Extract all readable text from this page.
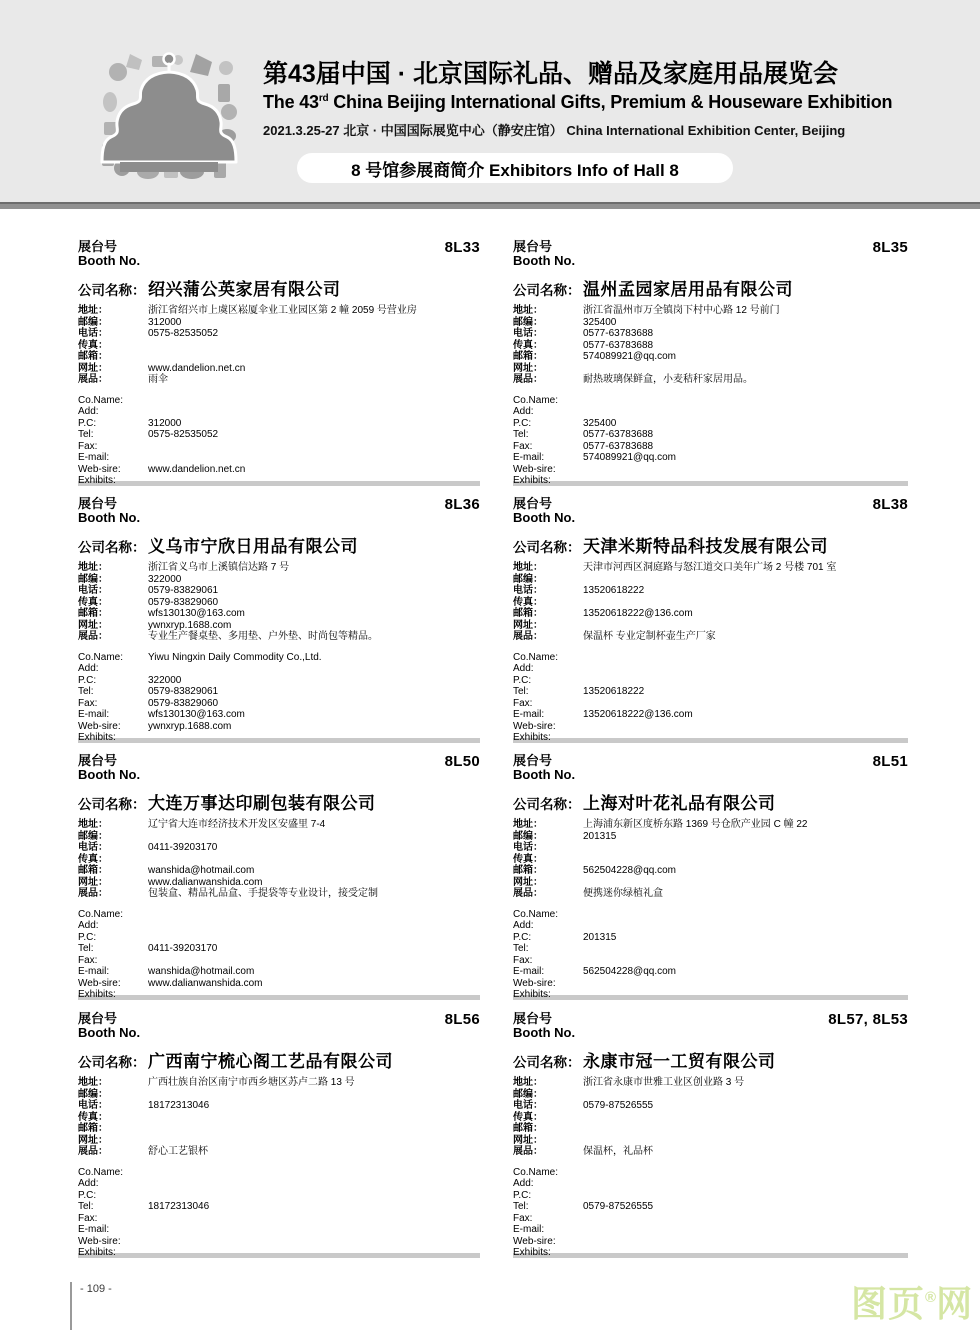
第43届中国 · 北京国际礼品、赠品及家庭用品展览会
The 43rd China Beijing International Gifts, Premium & Houseware Exhibition
2021.3.25-27 北京 · 中国国际展览中心（静安庄馆） China International Exhibition Center, Beijing
8 号馆参展商简介 Exhibitors Info of Hall 8
展台号
Booth No.
8L33
公司名称： 绍兴蒲公英家居有限公司
地址：	浙江省绍兴市上虞区崧厦伞业工业园区第 2 幢 2059 号营业房
邮编：	312000
电话：	0575-82535052
传真：
邮箱：
网址：	www.dandelion.net.cn
展品：	雨伞
Co.Name:
Add:
P.C:	312000
Tel:	0575-82535052
Fax:
E-mail:
Web-sire:	www.dandelion.net.cn
Exhibits:
展台号
Booth No.
8L35
公司名称： 温州孟园家居用品有限公司
地址：	浙江省温州市万全镇岗下村中心路 12 号前门
邮编：	325400
电话：	0577-63783688
传真：	0577-63783688
邮箱：	574089921@qq.com
网址：
展品：	耐热玻璃保鲜盒，小麦秸秆家居用品。
Co.Name:
Add:
P.C:	325400
Tel:	0577-63783688
Fax:	0577-63783688
E-mail:	574089921@qq.com
Web-sire:
Exhibits:
展台号
Booth No.
8L36
公司名称： 义乌市宁欣日用品有限公司
地址：	浙江省义乌市上溪镇信达路 7 号
邮编：	322000
电话：	0579-83829061
传真：	0579-83829060
邮箱：	wfs130130@163.com
网址：	ywnxryp.1688.com
展品：	专业生产餐桌垫、多用垫、户外垫、时尚包等精品。
Co.Name:	Yiwu Ningxin Daily Commodity Co.,Ltd.
Add:
P.C:	322000
Tel:	0579-83829061
Fax:	0579-83829060
E-mail:	wfs130130@163.com
Web-sire:	ywnxryp.1688.com
Exhibits:
展台号
Booth No.
8L38
公司名称： 天津米斯特品科技发展有限公司
地址：	天津市河西区洞庭路与怒江道交口美年广场 2 号楼 701 室
邮编：
电话：	13520618222
传真：
邮箱：	13520618222@136.com
网址：
展品：	保温杯 专业定制杯壶生产厂家
Co.Name:
Add:
P.C:
Tel:	13520618222
Fax:
E-mail:	13520618222@136.com
Web-sire:
Exhibits:
展台号
Booth No.
8L50
公司名称： 大连万事达印刷包装有限公司
地址：	辽宁省大连市经济技术开发区安盛里 7-4
邮编：
电话：	0411-39203170
传真：
邮箱：	wanshida@hotmail.com
网址：	www.dalianwanshida.com
展品：	包装盒、精品礼品盒、手提袋等专业设计，接受定制
Co.Name:
Add:
P.C:
Tel:	0411-39203170
Fax:
E-mail:	wanshida@hotmail.com
Web-sire:	www.dalianwanshida.com
Exhibits:
展台号
Booth No.
8L51
公司名称： 上海对叶花礼品有限公司
地址：	上海浦东新区度桥东路 1369 号仓欣产业园 C 幢 22
邮编：	201315
电话：
传真：
邮箱：	562504228@qq.com
网址：
展品：	便携迷你绿植礼盒
Co.Name:
Add:
P.C:	201315
Tel:
Fax:
E-mail:	562504228@qq.com
Web-sire:
Exhibits:
展台号
Booth No.
8L56
公司名称： 广西南宁梳心阁工艺品有限公司
地址：	广西壮族自治区南宁市西乡塘区苏卢二路 13 号
邮编：
电话：	18172313046
传真：
邮箱：
网址：
展品：	舒心工艺银杯
Co.Name:
Add:
P.C:
Tel:	18172313046
Fax:
E-mail:
Web-sire:
Exhibits:
展台号
Booth No.
8L57, 8L53
公司名称： 永康市冠一工贸有限公司
地址：	浙江省永康市世雅工业区创业路 3 号
邮编：
电话：	0579-87526555
传真：
邮箱：
网址：
展品：	保温杯，礼品杯
Co.Name:
Add:
P.C:
Tel:	0579-87526555
Fax:
E-mail:
Web-sire:
Exhibits:
- 109 -	图页®网
